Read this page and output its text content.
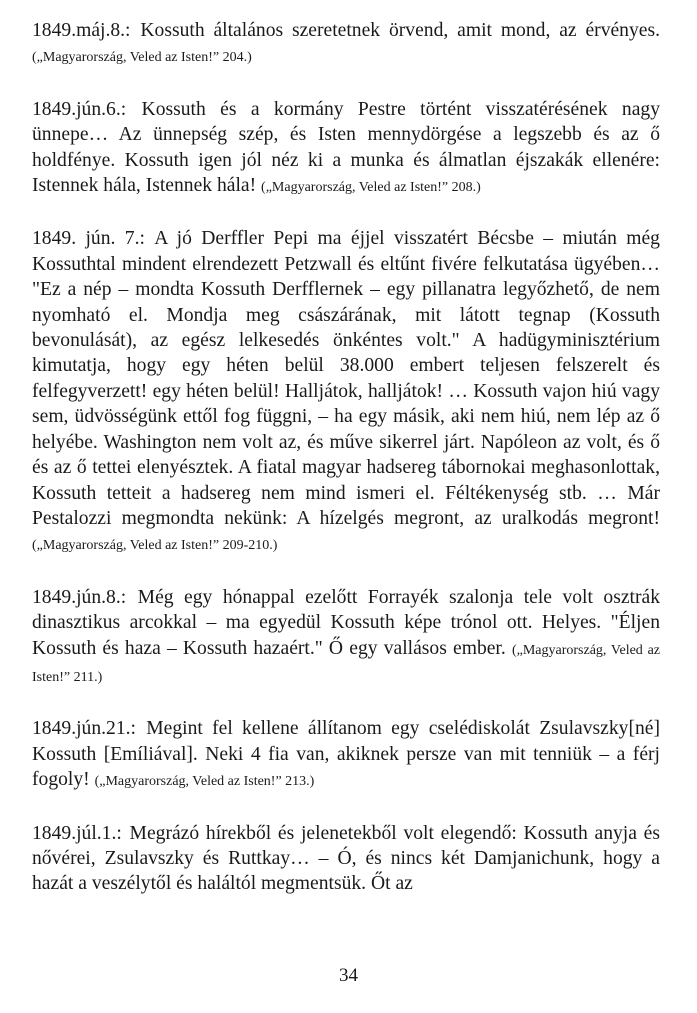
1849.máj.8.: Kossuth általános szeretetnek örvend, amit mond, az érvényes. („Magyarország, Veled az Isten!” 204.)

1849.jún.6.: Kossuth és a kormány Pestre történt visszatérésének nagy ünnepe… Az ünnepség szép, és Isten mennydörgése a legszebb és az ő holdfénye. Kossuth igen jól néz ki a munka és álmatlan éjszakák ellenére: Istennek hála, Istennek hála! („Magyarország, Veled az Isten!” 208.)

1849. jún. 7.: A jó Derffler Pepi ma éjjel visszatért Bécsbe – miután még Kossuthtal mindent elrendezett Petzwall és eltűnt fivére felkutatása ügyében… "Ez a nép – mondta Kossuth Derfflernek – egy pillanatra legyőzhető, de nem nyomható el. Mondja meg császárának, mit látott tegnap (Kossuth bevonulását), az egész lelkesedés önkéntes volt." A hadügyminisztérium kimutatja, hogy egy héten belül 38.000 embert teljesen felszerelt és felfegyverzett! egy héten belül! Halljátok, halljátok! … Kossuth vajon hiú vagy sem, üdvösségünk ettől fog függni, – ha egy másik, aki nem hiú, nem lép az ő helyébe. Washington nem volt az, és műve sikerrel járt. Napóleon az volt, és ő és az ő tettei elenyésztek. A fiatal magyar hadsereg tábornokai meghasonlottak, Kossuth tetteit a hadsereg nem mind ismeri el. Féltékenység stb. … Már Pestalozzi megmondta nekünk: A hízelgés megront, az uralkodás megront! („Magyarország, Veled az Isten!” 209-210.)

1849.jún.8.: Még egy hónappal ezelőtt Forrayék szalonja tele volt osztrák dinasztikus arcokkal – ma egyedül Kossuth képe trónol ott. Helyes. "Éljen Kossuth és haza – Kossuth hazaért." Ő egy vallásos ember. („Magyarország, Veled az Isten!” 211.)

1849.jún.21.: Megint fel kellene állítanom egy cselédiskolát Zsulavszky[né] Kossuth [Emíliával]. Neki 4 fia van, akiknek persze van mit tenniük – a férj fogoly! („Magyarország, Veled az Isten!” 213.)

1849.júl.1.: Megrázó hírekből és jelenetekből volt elegendő: Kossuth anyja és nővérei, Zsulavszky és Ruttkay… – Ó, és nincs két Damjanichunk, hogy a hazát a veszélytől és haláltól megmentsük. Őt az

34
